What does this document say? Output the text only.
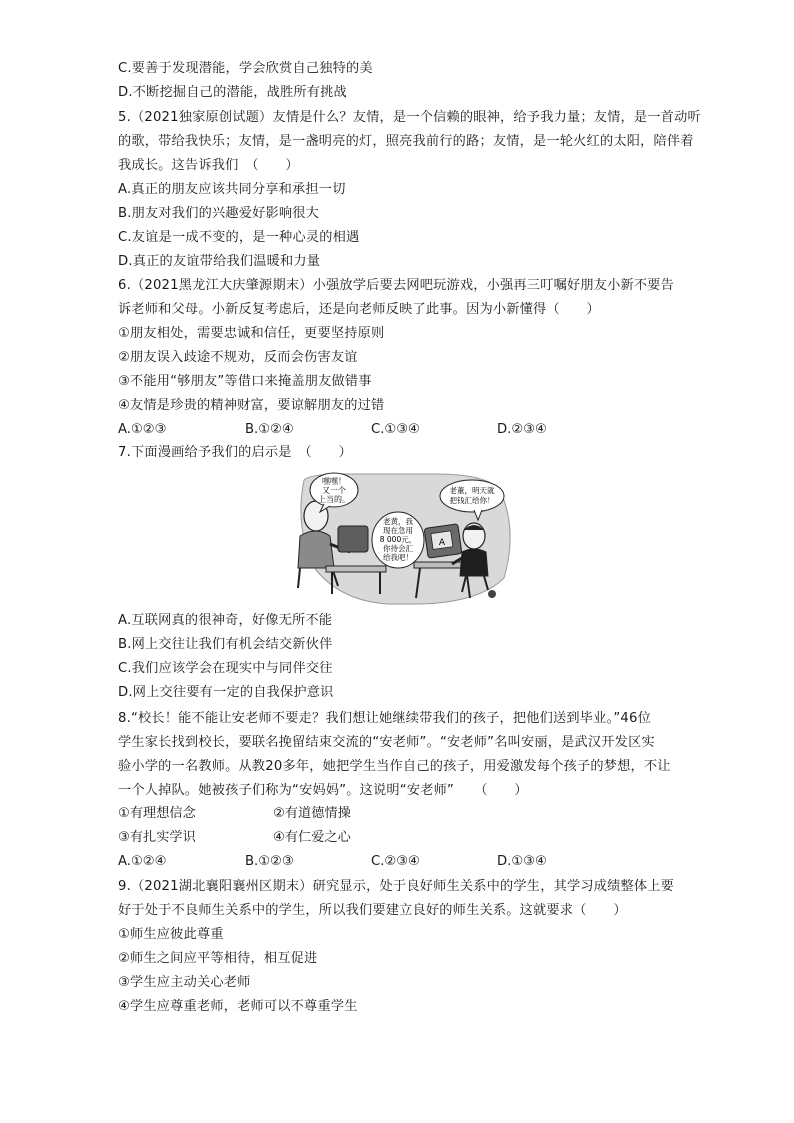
C.要善于发现潜能，学会欣赏自己独特的美
D.不断挖掘自己的潜能，战胜所有挑战
5.（2021独家原创试题）友情是什么？友情，是一个信赖的眼神，给予我力量；友情，是一首动听
的歌，带给我快乐；友情，是一盏明亮的灯，照亮我前行的路；友情，是一轮火红的太阳，陪伴着
我成长。这告诉我们　（　　）
A.真正的朋友应该共同分享和承担一切
B.朋友对我们的兴趣爱好影响很大
C.友谊是一成不变的，是一种心灵的相遇
D.真正的友谊带给我们温暖和力量
6.（2021黑龙江大庆肇源期末）小强放学后要去网吧玩游戏，小强再三叮嘱好朋友小新不要告
诉老师和父母。小新反复考虑后，还是向老师反映了此事。因为小新懂得（　　）
①朋友相处，需要忠诚和信任，更要坚持原则
②朋友误入歧途不规劝，反而会伤害友谊
③不能用“够朋友”等借口来掩盖朋友做错事
④友情是珍贵的精神财富，要谅解朋友的过错
A.①②③	B.①②④	C.①③④	D.②③④
7.下面漫画给予我们的启示是　（　　）
嘿嘿！
又一个
上当的。
老黄，我
现在急用
8 000元，
你待会汇
给我吧！
老董，明天就
把钱汇给你！
A
A.互联网真的很神奇，好像无所不能
B.网上交往让我们有机会结交新伙伴
C.我们应该学会在现实中与同伴交往
D.网上交往要有一定的自我保护意识
8.“校长！能不能让安老师不要走？我们想让她继续带我们的孩子，把他们送到毕业。”46位
学生家长找到校长，要联名挽留结束交流的“安老师”。“安老师”名叫安丽，是武汉开发区实
验小学的一名教师。从教20多年，她把学生当作自己的孩子，用爱激发每个孩子的梦想，不让
一个人掉队。她被孩子们称为“安妈妈”。这说明“安老师”　　（　　）
①有理想信念	②有道德情操
③有扎实学识	④有仁爱之心
A.①②④	B.①②③	C.②③④	D.①③④
9.（2021湖北襄阳襄州区期末）研究显示，处于良好师生关系中的学生，其学习成绩整体上要
好于处于不良师生关系中的学生，所以我们要建立良好的师生关系。这就要求（　　）
①师生应彼此尊重
②师生之间应平等相待，相互促进
③学生应主动关心老师
④学生应尊重老师，老师可以不尊重学生
